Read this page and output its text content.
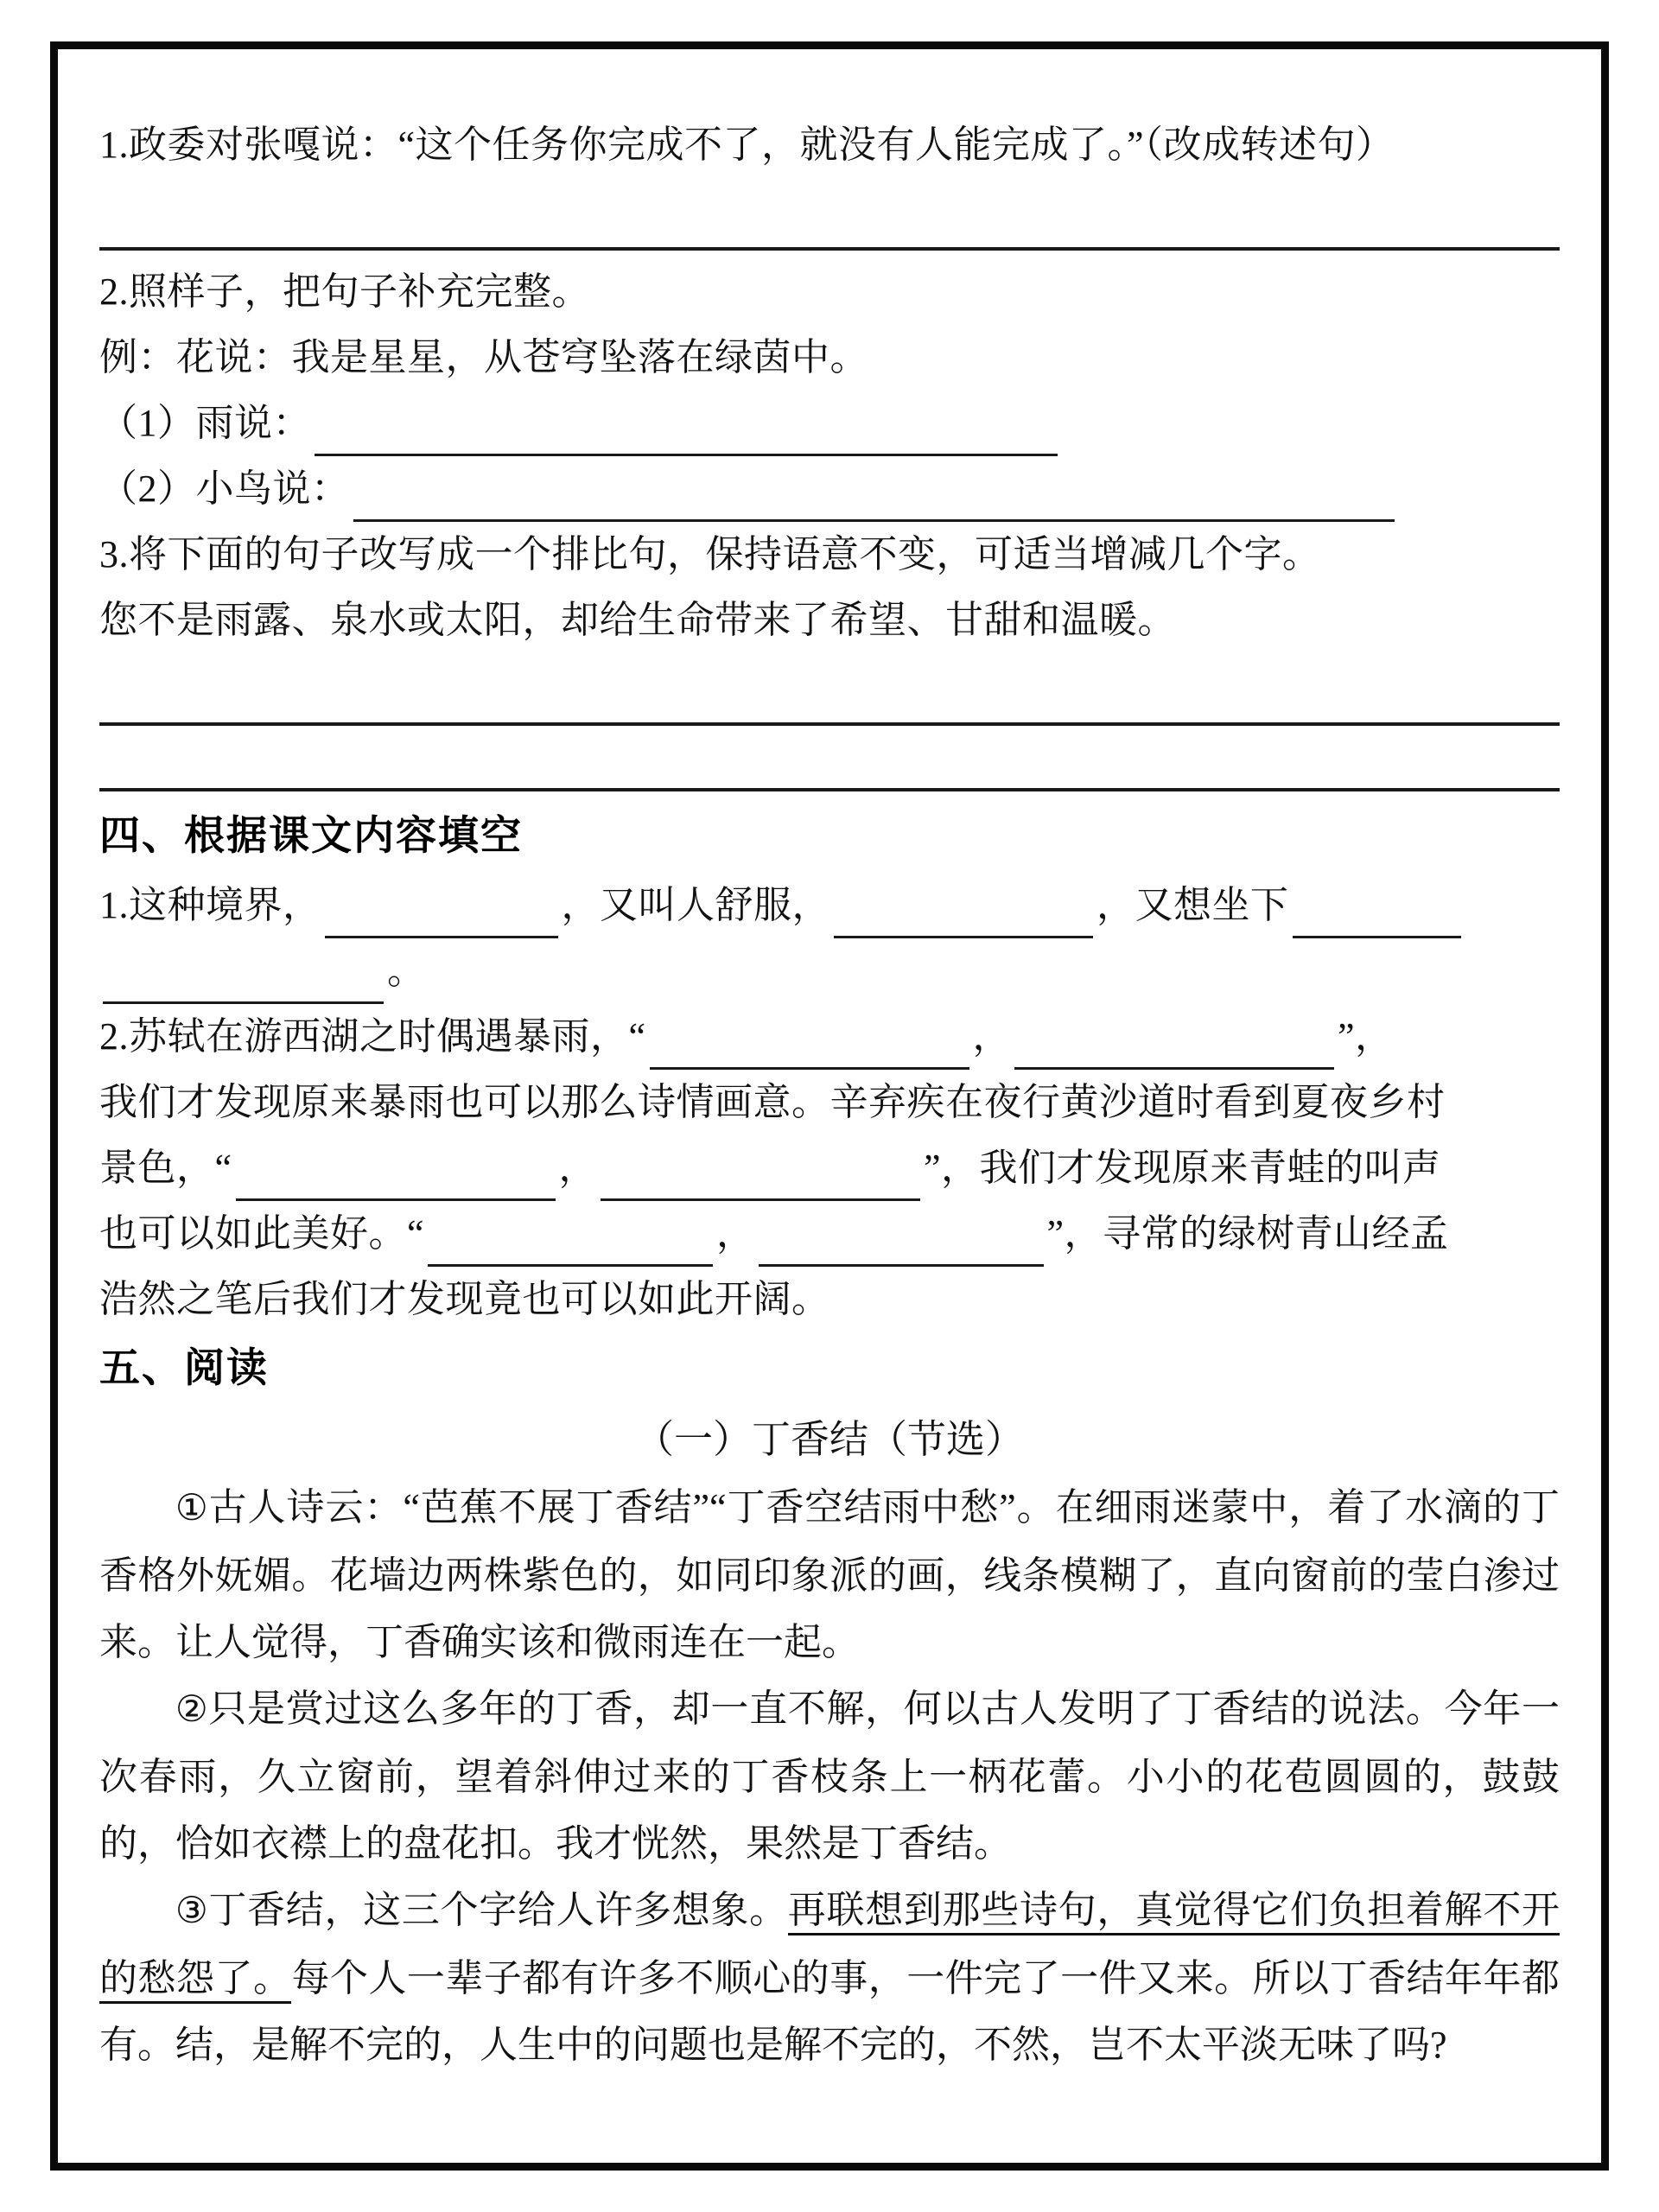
1.政委对张嘎说：“这个任务你完成不了，就没有人能完成了。”（改成转述句）
2.照样子，把句子补充完整。
例：花说：我是星星，从苍穹坠落在绿茵中。
（1）雨说：
（2）小鸟说：
3.将下面的句子改写成一个排比句，保持语意不变，可适当增减几个字。
您不是雨露、泉水或太阳，却给生命带来了希望、甘甜和温暖。
四、根据课文内容填空
1.这种境界，	，又叫人舒服，	，又想坐下
。
2.苏轼在游西湖之时偶遇暴雨，“	，	”，
我们才发现原来暴雨也可以那么诗情画意。辛弃疾在夜行黄沙道时看到夏夜乡村
景色，“	，	”，我们才发现原来青蛙的叫声
也可以如此美好。“	，	”，寻常的绿树青山经孟
浩然之笔后我们才发现竟也可以如此开阔。
五、阅读
（一）丁香结（节选）
①古人诗云：“芭蕉不展丁香结”“丁香空结雨中愁”。在细雨迷蒙中，着了水滴的丁香格外妩媚。花墙边两株紫色的，如同印象派的画，线条模糊了，直向窗前的莹白渗过来。让人觉得，丁香确实该和微雨连在一起。
②只是赏过这么多年的丁香，却一直不解，何以古人发明了丁香结的说法。今年一次春雨，久立窗前，望着斜伸过来的丁香枝条上一柄花蕾。小小的花苞圆圆的，鼓鼓的，恰如衣襟上的盘花扣。我才恍然，果然是丁香结。
③丁香结，这三个字给人许多想象。再联想到那些诗句，真觉得它们负担着解不开的愁怨了。每个人一辈子都有许多不顺心的事，一件完了一件又来。所以丁香结年年都有。结，是解不完的，人生中的问题也是解不完的，不然，岂不太平淡无味了吗?
